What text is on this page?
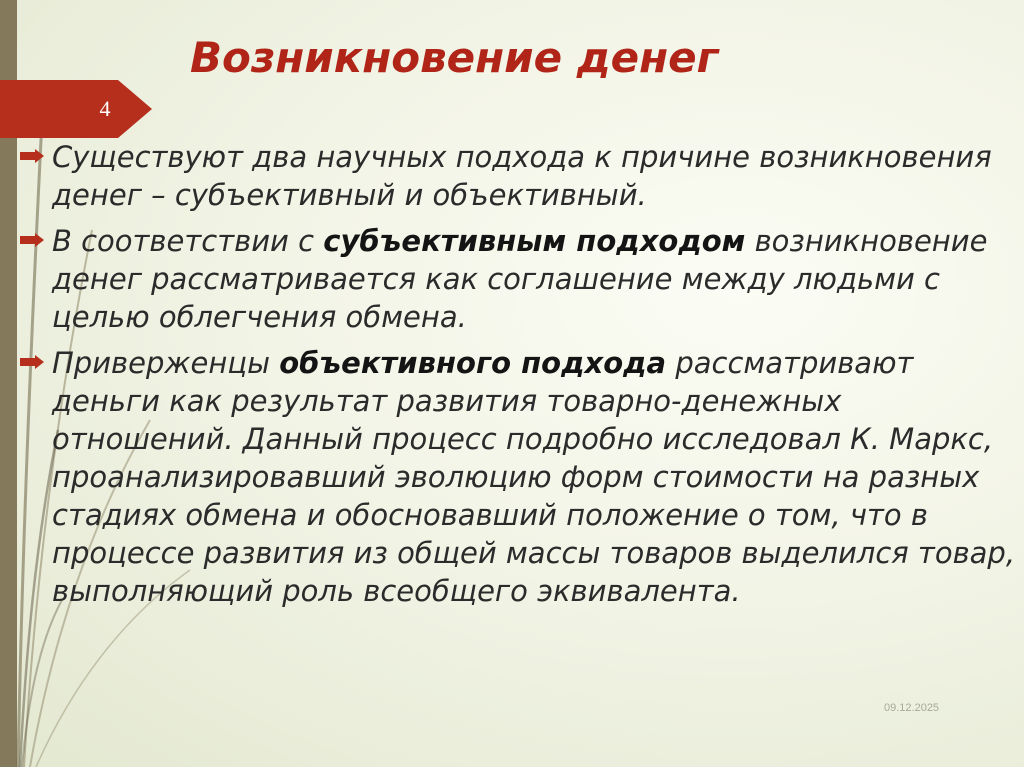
4
Возникновение денег
Существуют два научных подхода к причине возникновения денег – субъективный и объективный.
В соответствии с субъективным подходом возникновение денег рассматривается как соглашение между людьми с целью облегчения обмена.
Приверженцы объективного подхода рассматривают деньги как результат развития товарно-денежных отношений. Данный процесс подробно исследовал К. Маркс, проанализировавший эволюцию форм стоимости на разных стадиях обмена и обосновавший положение о том, что в процессе развития из общей массы товаров выделился товар, выполняющий роль всеобщего эквивалента.
09.12.2025
